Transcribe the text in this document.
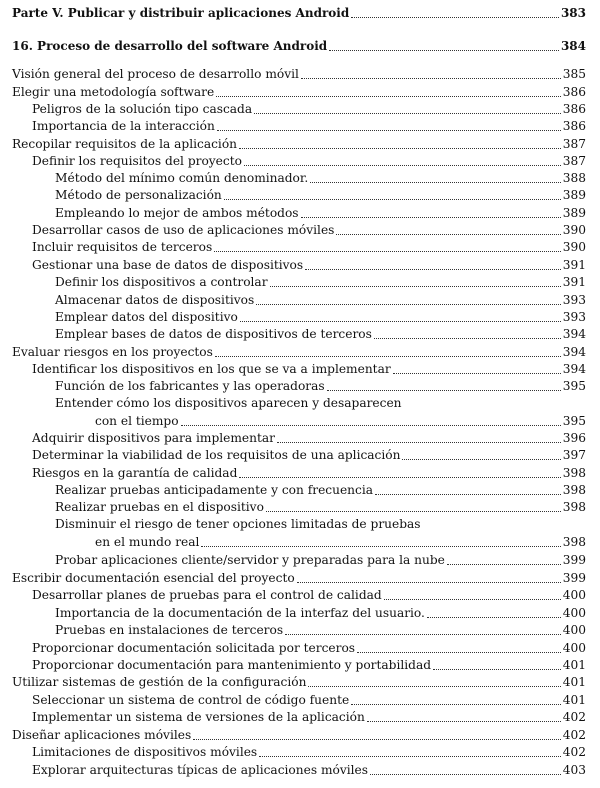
Parte V. Publicar y distribuir aplicaciones Android	383
16. Proceso de desarrollo del software Android	384
Visión general del proceso de desarrollo móvil	385
Elegir una metodología software	386
Peligros de la solución tipo cascada	386
Importancia de la interacción	386
Recopilar requisitos de la aplicación	387
Definir los requisitos del proyecto	387
Método del mínimo común denominador.	388
Método de personalización	389
Empleando lo mejor de ambos métodos	389
Desarrollar casos de uso de aplicaciones móviles	390
Incluir requisitos de terceros	390
Gestionar una base de datos de dispositivos	391
Definir los dispositivos a controlar	391
Almacenar datos de dispositivos	393
Emplear datos del dispositivo	393
Emplear bases de datos de dispositivos de terceros	394
Evaluar riesgos en los proyectos	394
Identificar los dispositivos en los que se va a implementar	394
Función de los fabricantes y las operadoras	395
Entender cómo los dispositivos aparecen y desaparecen
con el tiempo	395
Adquirir dispositivos para implementar	396
Determinar la viabilidad de los requisitos de una aplicación	397
Riesgos en la garantía de calidad	398
Realizar pruebas anticipadamente y con frecuencia	398
Realizar pruebas en el dispositivo	398
Disminuir el riesgo de tener opciones limitadas de pruebas
en el mundo real	398
Probar aplicaciones cliente/servidor y preparadas para la nube	399
Escribir documentación esencial del proyecto	399
Desarrollar planes de pruebas para el control de calidad	400
Importancia de la documentación de la interfaz del usuario.	400
Pruebas en instalaciones de terceros	400
Proporcionar documentación solicitada por terceros	400
Proporcionar documentación para mantenimiento y portabilidad	401
Utilizar sistemas de gestión de la configuración	401
Seleccionar un sistema de control de código fuente	401
Implementar un sistema de versiones de la aplicación	402
Diseñar aplicaciones móviles	402
Limitaciones de dispositivos móviles	402
Explorar arquitecturas típicas de aplicaciones móviles	403
